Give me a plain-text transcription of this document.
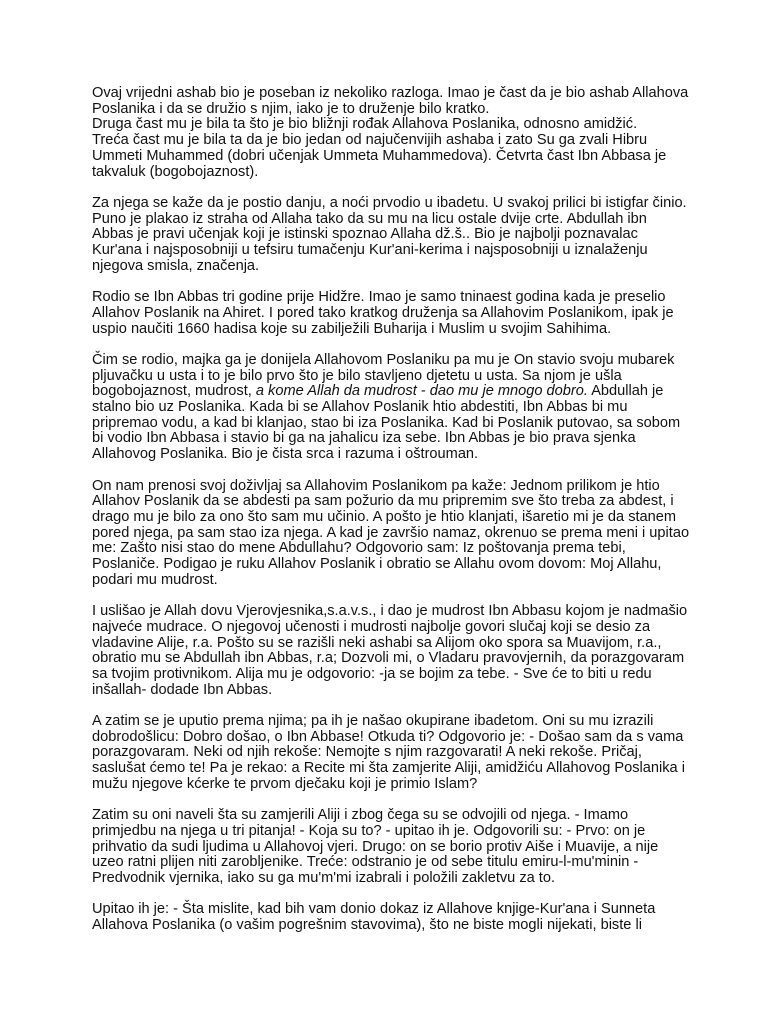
Ovaj vrijedni ashab bio je poseban iz nekoliko razloga. Imao je čast da je bio ashab Allahova
Poslanika i da se družio s njim, iako je to druženje bilo kratko.
Druga čast mu je bila ta što je bio bližnji rođak Allahova Poslanika, odnosno amidžić.
Treća čast mu je bila ta da je bio jedan od najučenvijih ashaba i zato Su ga zvali Hibru
Ummeti Muhammed (dobri učenjak Ummeta Muhammedova). Četvrta čast Ibn Abbasa je
takvaluk (bogobojaznost).
Za njega se kaže da je postio danju, a noći prvodio u ibadetu. U svakoj prilici bi istigfar činio.
Puno je plakao iz straha od Allaha tako da su mu na licu ostale dvije crte. Abdullah ibn
Abbas je pravi učenjak koji je istinski spoznao Allaha dž.š.. Bio je najbolji poznavalac
Kur'ana i najsposobniji u tefsiru tumačenju Kur'ani-kerima i najsposobniji u iznalaženju
njegova smisla, značenja.
Rodio se Ibn Abbas tri godine prije Hidžre. Imao je samo tninaest godina kada je preselio
Allahov Poslanik na Ahiret. I pored tako kratkog druženja sa Allahovim Poslanikom, ipak je
uspio naučiti 1660 hadisa koje su zabilježili Buharija i Muslim u svojim Sahihima.
Čim se rodio, majka ga je donijela Allahovom Poslaniku pa mu je On stavio svoju mubarek
pljuvačku u usta i to je bilo prvo što je bilo stavljeno djetetu u usta. Sa njom je ušla
bogobojaznost, mudrost, a kome Allah da mudrost - dao mu je mnogo dobro. Abdullah je
stalno bio uz Poslanika. Kada bi se Allahov Poslanik htio abdestiti, Ibn Abbas bi mu
pripremao vodu, a kad bi klanjao, stao bi iza Poslanika. Kad bi Poslanik putovao, sa sobom
bi vodio Ibn Abbasa i stavio bi ga na jahalicu iza sebe. Ibn Abbas je bio prava sjenka
Allahovog Poslanika. Bio je čista srca i razuma i oštrouman.
On nam prenosi svoj doživljaj sa Allahovim Poslanikom pa kaže: Jednom prilikom je htio
Allahov Poslanik da se abdesti pa sam požurio da mu pripremim sve što treba za abdest, i
drago mu je bilo za ono što sam mu učinio. A pošto je htio klanjati, išaretio mi je da stanem
pored njega, pa sam stao iza njega. A kad je završio namaz, okrenuo se prema meni i upitao
me: Zašto nisi stao do mene Abdullahu? Odgovorio sam: Iz poštovanja prema tebi,
Poslaniče. Podigao je ruku Allahov Poslanik i obratio se Allahu ovom dovom: Moj Allahu,
podari mu mudrost.
I uslišao je Allah dovu Vjerovjesnika,s.a.v.s., i dao je mudrost Ibn Abbasu kojom je nadmašio
najveće mudrace. O njegovoj učenosti i mudrosti najbolje govori slučaj koji se desio za
vladavine Alije, r.a. Pošto su se razišli neki ashabi sa Alijom oko spora sa Muavijom, r.a.,
obratio mu se Abdullah ibn Abbas, r.a; Dozvoli mi, o Vladaru pravovjernih, da porazgovaram
sa tvojim protivnikom. Alija mu je odgovorio: -ja se bojim za tebe. - Sve će to biti u redu
inšallah- dodade Ibn Abbas.
A zatim se je uputio prema njima; pa ih je našao okupirane ibadetom. Oni su mu izrazili
dobrodošlicu: Dobro došao, o Ibn Abbase! Otkuda ti? Odgovorio je: - Došao sam da s vama
porazgovaram. Neki od njih rekoše: Nemojte s njim razgovarati! A neki rekoše. Pričaj,
saslušat ćemo te! Pa je rekao: a Recite mi šta zamjerite Aliji, amidžiću Allahovog Poslanika i
mužu njegove kćerke te prvom dječaku koji je primio Islam?
Zatim su oni naveli šta su zamjerili Aliji i zbog čega su se odvojili od njega. - Imamo
primjedbu na njega u tri pitanja! - Koja su to? - upitao ih je. Odgovorili su: - Prvo: on je
prihvatio da sudi ljudima u Allahovoj vjeri. Drugo: on se borio protiv Aiše i Muavije, a nije
uzeo ratni plijen niti zarobljenike. Treće: odstranio je od sebe titulu emiru-l-mu'minin -
Predvodnik vjernika, iako su ga mu'm'mi izabrali i položili zakletvu za to.
Upitao ih je: - Šta mislite, kad bih vam donio dokaz iz Allahove knjige-Kur'ana i Sunneta
Allahova Poslanika (o vašim pogrešnim stavovima), što ne biste mogli nijekati, biste li
